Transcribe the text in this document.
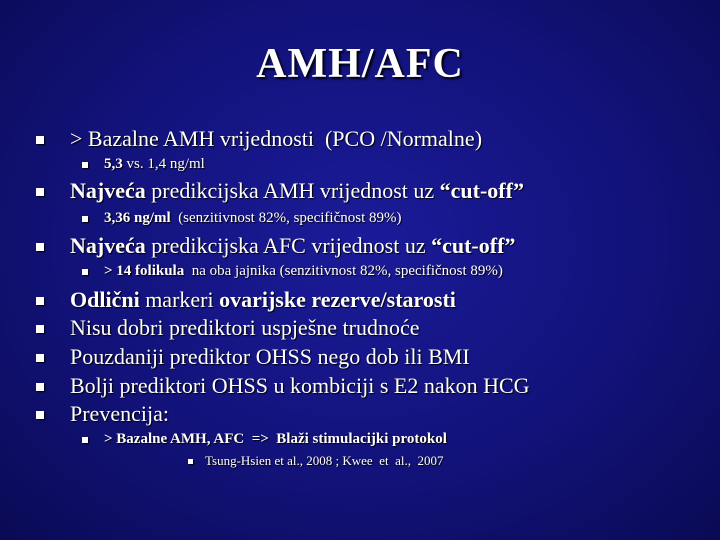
AMH/AFC
> Bazalne AMH vrijednosti  (PCO /Normalne)
5,3 vs. 1,4 ng/ml
Najveća predikcijska AMH vrijednost uz “cut-off”
3,36 ng/ml  (senzitivnost 82%, specifičnost 89%)
Najveća predikcijska AFC vrijednost uz “cut-off”
> 14 folikula  na oba jajnika (senzitivnost 82%, specifičnost 89%)
Odlični markeri ovarijske rezerve/starosti
Nisu dobri prediktori uspješne trudnoće
Pouzdaniji prediktor OHSS nego dob ili BMI
Bolji prediktori OHSS u kombiciji s E2 nakon HCG
Prevencija:
> Bazalne AMH, AFC  =>  Blaži stimulacijki protokol
Tsung-Hsien et al., 2008 ; Kwee  et  al.,  2007
